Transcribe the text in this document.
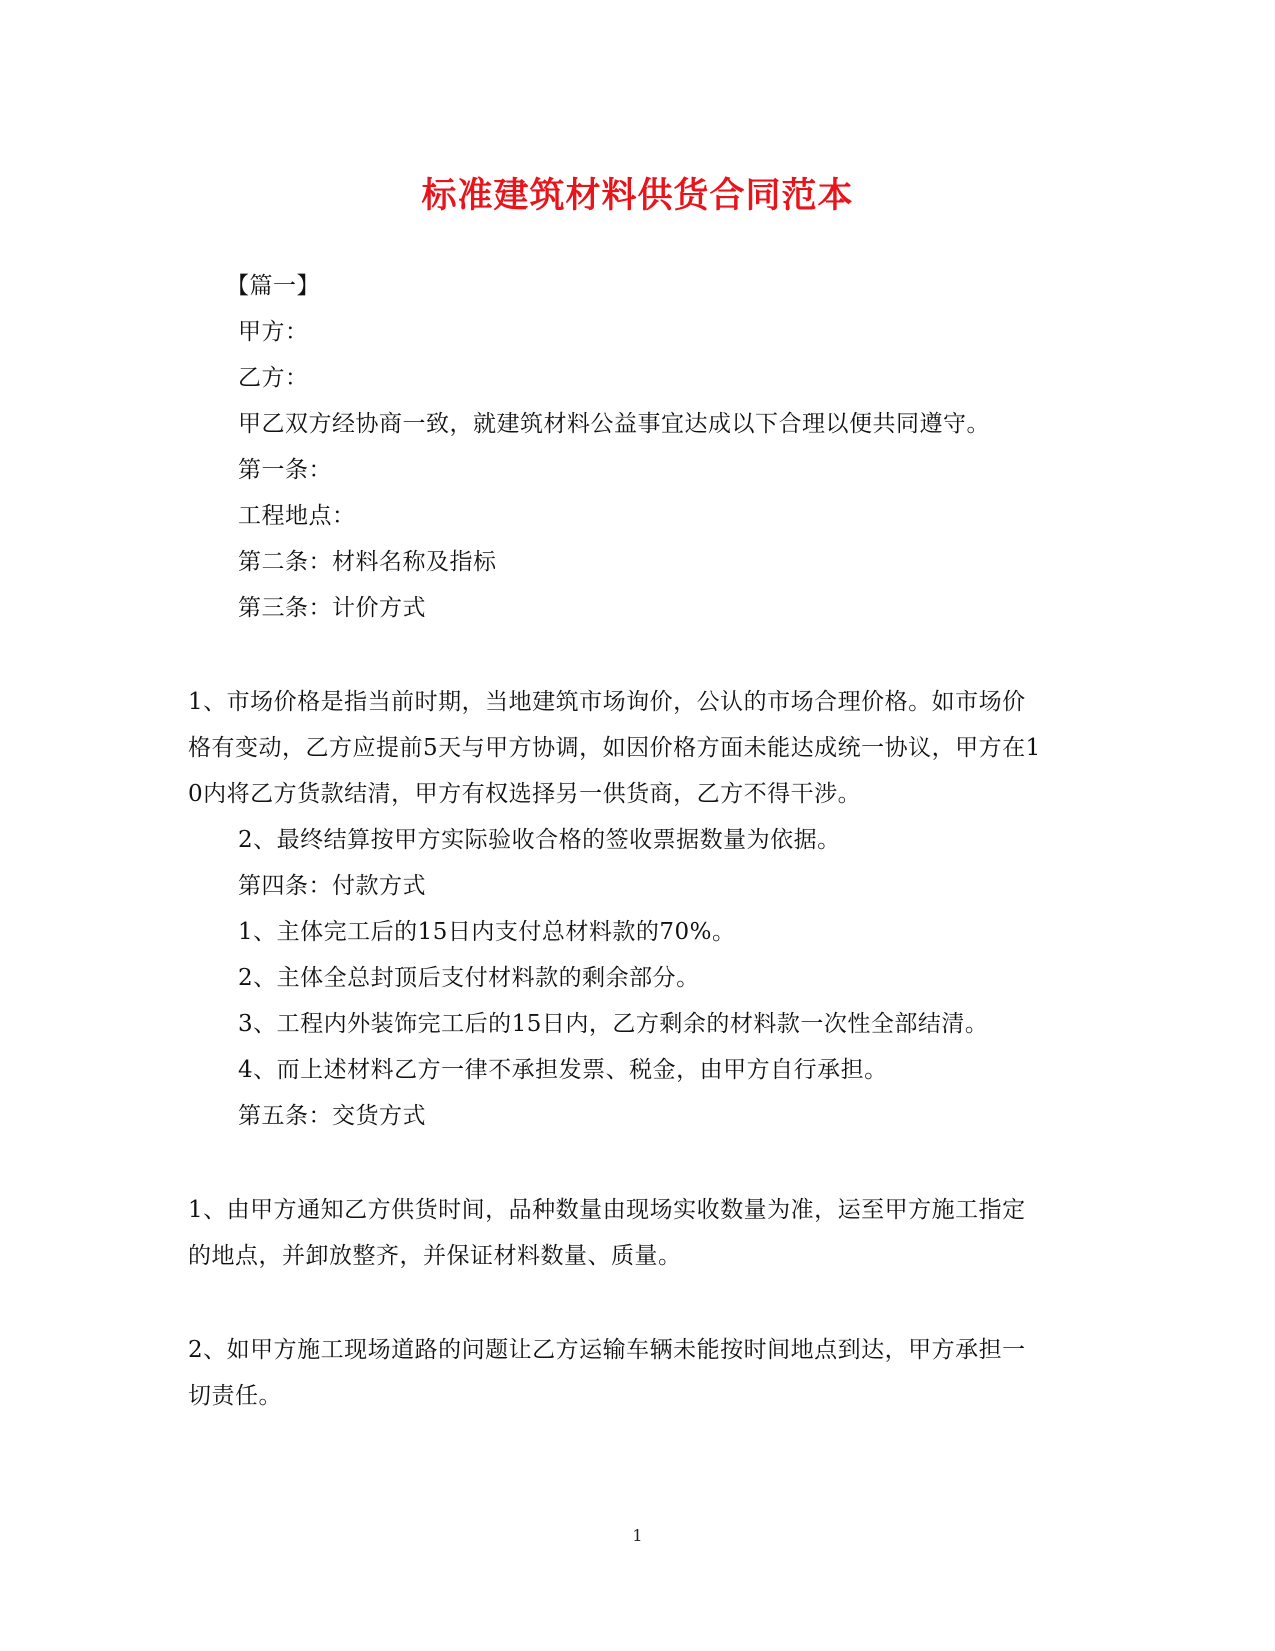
标准建筑材料供货合同范本
【篇一】
甲方：
乙方：
甲乙双方经协商一致，就建筑材料公益事宜达成以下合理以便共同遵守。
第一条：
工程地点：
第二条：材料名称及指标
第三条：计价方式
1、市场价格是指当前时期，当地建筑市场询价，公认的市场合理价格。如市场价
格有变动，乙方应提前5天与甲方协调，如因价格方面未能达成统一协议，甲方在1
0内将乙方货款结清，甲方有权选择另一供货商，乙方不得干涉。
2、最终结算按甲方实际验收合格的签收票据数量为依据。
第四条：付款方式
1、主体完工后的15日内支付总材料款的70%。
2、主体全总封顶后支付材料款的剩余部分。
3、工程内外装饰完工后的15日内，乙方剩余的材料款一次性全部结清。
4、而上述材料乙方一律不承担发票、税金，由甲方自行承担。
第五条：交货方式
1、由甲方通知乙方供货时间，品种数量由现场实收数量为准，运至甲方施工指定
的地点，并卸放整齐，并保证材料数量、质量。
2、如甲方施工现场道路的问题让乙方运输车辆未能按时间地点到达，甲方承担一
切责任。
1
